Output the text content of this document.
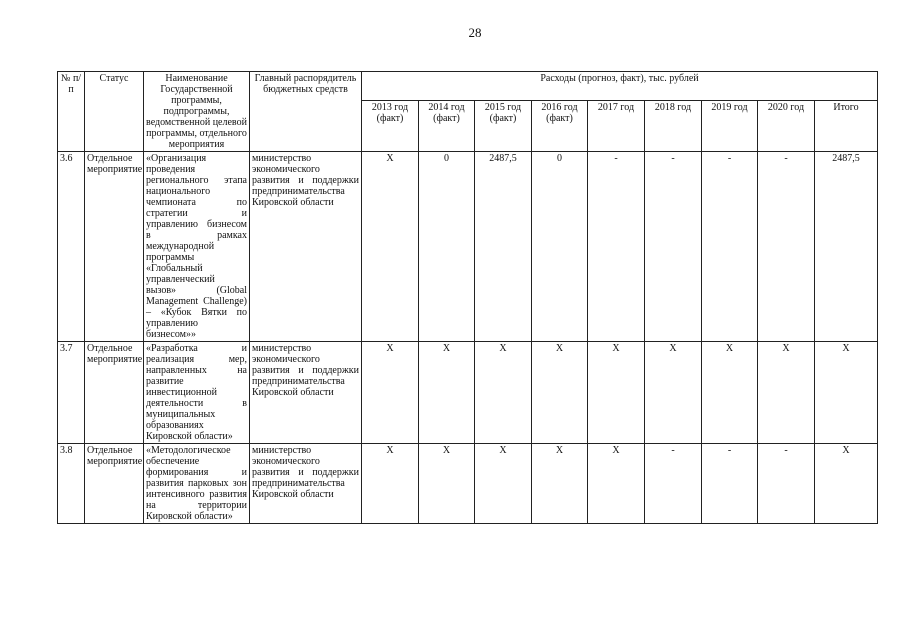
28
№ п/п	Статус	Наименование Государственной программы, подпрограммы, ведомственной целевой программы, отдельного мероприятия	Главный распорядитель бюджетных средств	Расходы (прогноз, факт), тыс. рублей								
				2013 год (факт)	2014 год (факт)	2015 год (факт)	2016 год (факт)	2017 год	2018 год	2019 год	2020 год	Итого
3.6	Отдельное мероприятие	«Организация проведения регионального этапа национального чемпионата по стратегии и управлению бизнесом в рамках международной программы «Глобальный управленческий вызов» (Global Management Challenge) – «Кубок Вятки по управлению бизнесом»»	министерство экономического развития и поддержки предпринимательства Кировской области	Х	0	2487,5	0	-	-	-	-	2487,5
3.7	Отдельное мероприятие	«Разработка и реализация мер, направленных на развитие инвестиционной деятельности в муниципальных образованиях Кировской области»	министерство экономического развития и поддержки предпринимательства Кировской области	Х	Х	Х	Х	Х	Х	Х	Х	Х
3.8	Отдельное мероприятие	«Методологическое обеспечение формирования и развития парковых зон интенсивного развития на территории Кировской области»	министерство экономического развития и поддержки предпринимательства Кировской области	Х	Х	Х	Х	Х	-	-	-	Х
